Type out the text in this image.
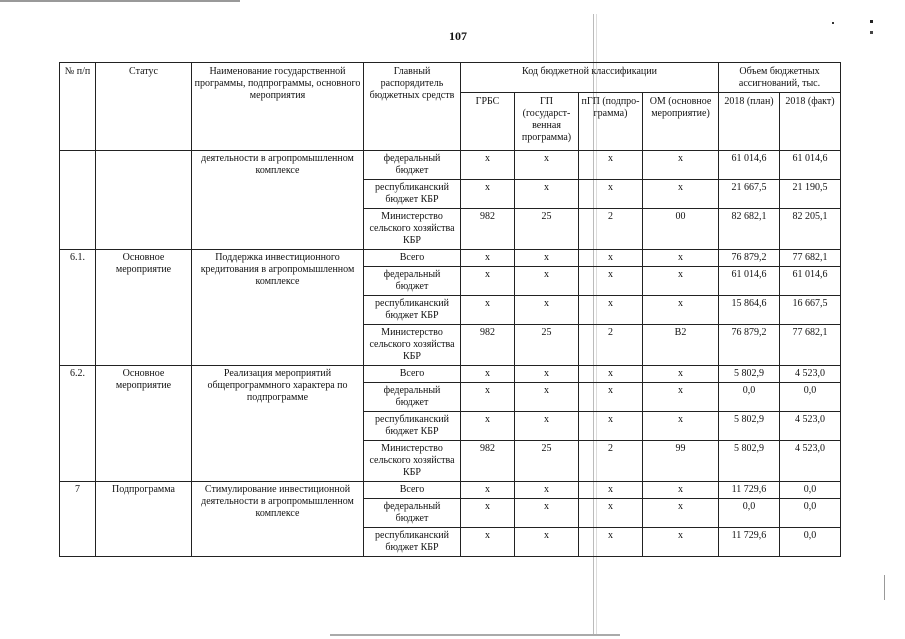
107
№ п/п	Статус	Наименование государственной программы, подпрограммы, основного мероприятия	Главный распорядитель бюджетных средств	Код бюджетной классификации				Объем бюджетных ассигнований, тыс.	
				ГРБС	ГП (государст-венная программа)	пГП (подпро-грамма)	ОМ (основное мероприятие)	2018 (план)	2018 (факт)
		деятельности в агропромышленном комплексе	федеральный бюджет	х	х	х	х	61 014,6	61 014,6
			республиканский бюджет КБР	х	х	х	х	21 667,5	21 190,5
			Министерство сельского хозяйства КБР	982	25	2	00	82 682,1	82 205,1
6.1.	Основное мероприятие	Поддержка инвестиционного кредитования в агропромышленном комплексе	Всего	х	х	х	х	76 879,2	77 682,1
			федеральный бюджет	х	х	х	х	61 014,6	61 014,6
			республиканский бюджет КБР	х	х	х	х	15 864,6	16 667,5
			Министерство сельского хозяйства КБР	982	25	2	В2	76 879,2	77 682,1
6.2.	Основное мероприятие	Реализация мероприятий общепрограммного характера по подпрограмме	Всего	х	х	х	х	5 802,9	4 523,0
			федеральный бюджет	х	х	х	х	0,0	0,0
			республиканский бюджет КБР	х	х	х	х	5 802,9	4 523,0
			Министерство сельского хозяйства КБР	982	25	2	99	5 802,9	4 523,0
7	Подпрограмма	Стимулирование инвестиционной деятельности в агропромышленном комплексе	Всего	х	х	х	х	11 729,6	0,0
			федеральный бюджет	х	х	х	х	0,0	0,0
			республиканский бюджет КБР	х	х	х	х	11 729,6	0,0
